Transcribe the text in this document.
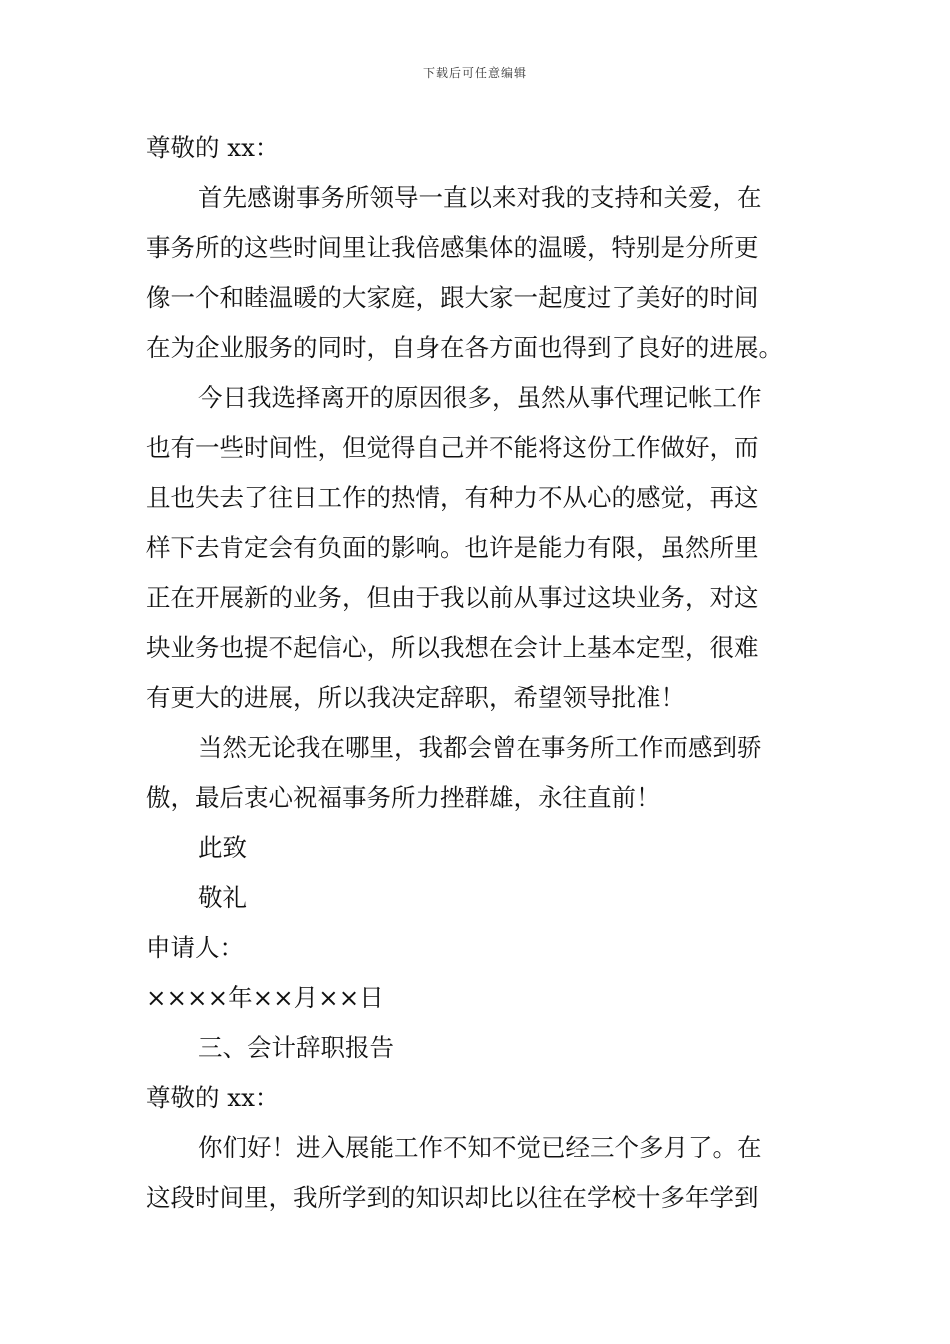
下载后可任意编辑
尊敬的 xx：
首先感谢事务所领导一直以来对我的支持和关爱，在
事务所的这些时间里让我倍感集体的温暖，特别是分所更
像一个和睦温暖的大家庭，跟大家一起度过了美好的时间
在为企业服务的同时，自身在各方面也得到了良好的进展。
今日我选择离开的原因很多，虽然从事代理记帐工作
也有一些时间性，但觉得自己并不能将这份工作做好，而
且也失去了往日工作的热情，有种力不从心的感觉，再这
样下去肯定会有负面的影响。也许是能力有限，虽然所里
正在开展新的业务，但由于我以前从事过这块业务，对这
块业务也提不起信心，所以我想在会计上基本定型，很难
有更大的进展，所以我决定辞职，希望领导批准！
当然无论我在哪里，我都会曾在事务所工作而感到骄
傲，最后衷心祝福事务所力挫群雄，永往直前！
此致
敬礼
申请人：
××××年××月××日
三、会计辞职报告
尊敬的 xx：
你们好！进入展能工作不知不觉已经三个多月了。在
这段时间里，我所学到的知识却比以往在学校十多年学到
